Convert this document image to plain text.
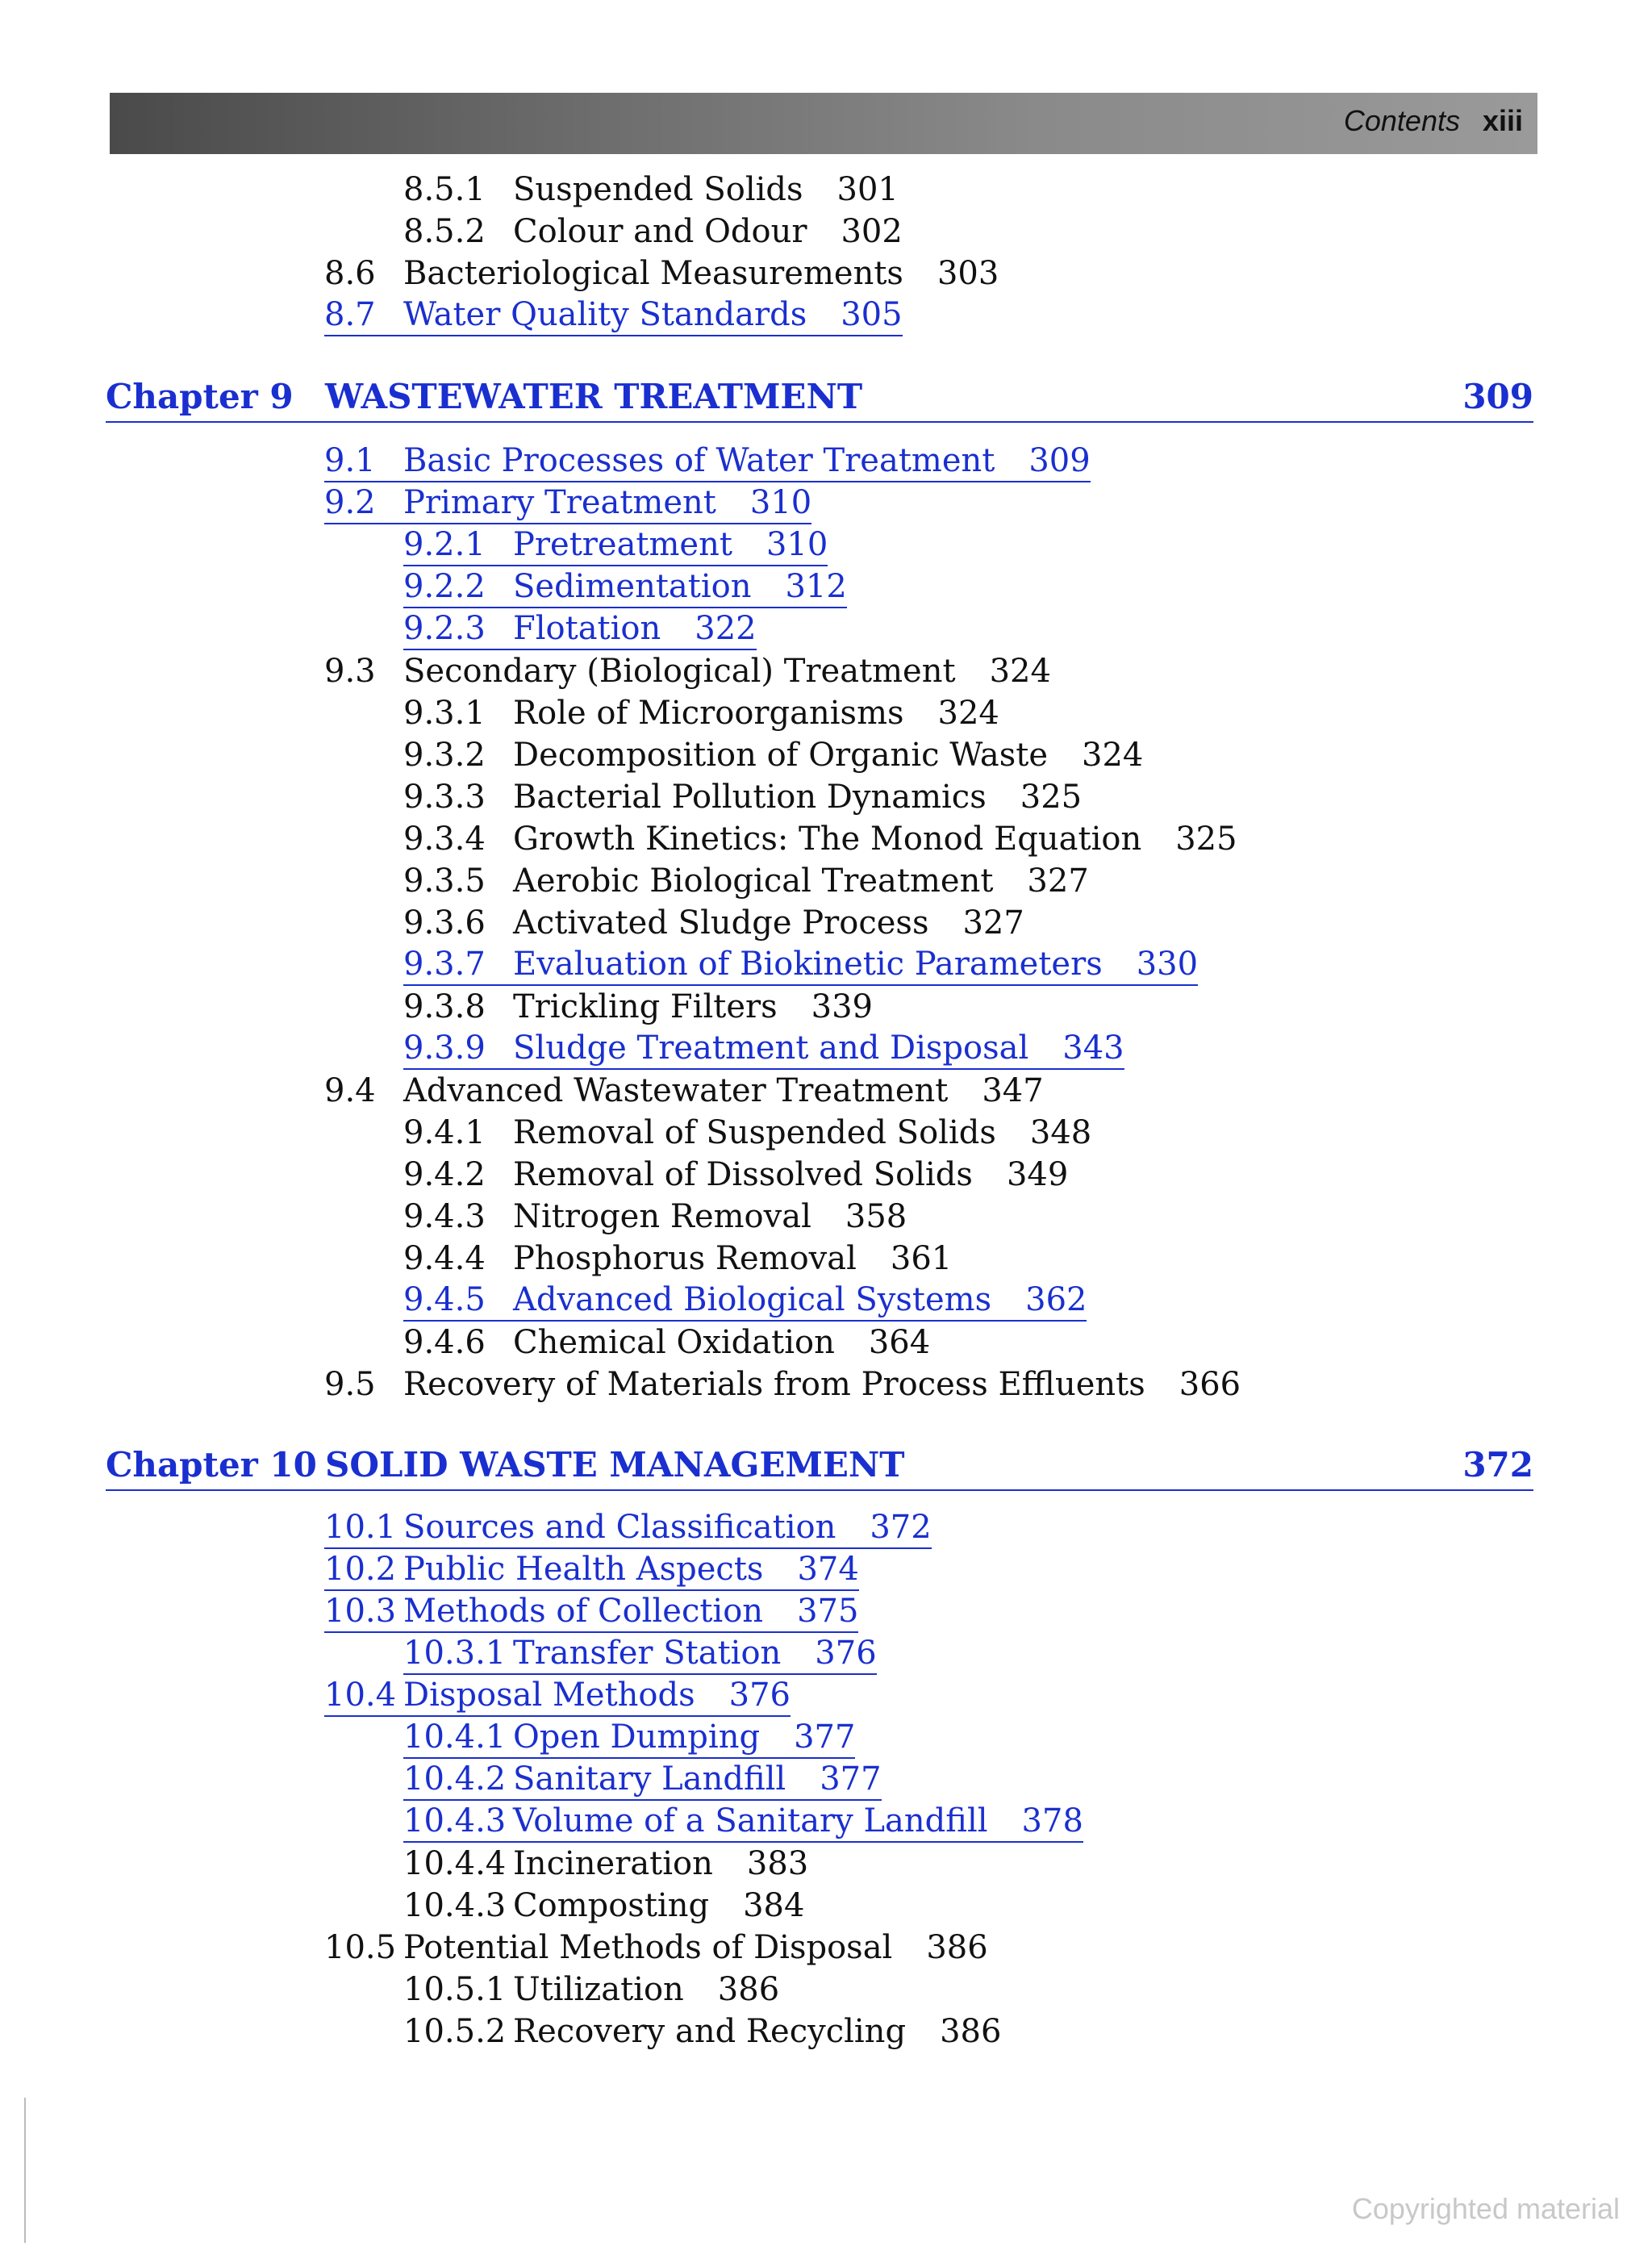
Contents xiii
8.5.1 Suspended Solids 301
8.5.2 Colour and Odour 302
8.6 Bacteriological Measurements 303
8.7 Water Quality Standards 305
Chapter 9 WASTEWATER TREATMENT	309
9.1 Basic Processes of Water Treatment 309
9.2 Primary Treatment 310
9.2.1 Pretreatment 310
9.2.2 Sedimentation 312
9.2.3 Flotation 322
9.3 Secondary (Biological) Treatment 324
9.3.1 Role of Microorganisms 324
9.3.2 Decomposition of Organic Waste 324
9.3.3 Bacterial Pollution Dynamics 325
9.3.4 Growth Kinetics: The Monod Equation 325
9.3.5 Aerobic Biological Treatment 327
9.3.6 Activated Sludge Process 327
9.3.7 Evaluation of Biokinetic Parameters 330
9.3.8 Trickling Filters 339
9.3.9 Sludge Treatment and Disposal 343
9.4 Advanced Wastewater Treatment 347
9.4.1 Removal of Suspended Solids 348
9.4.2 Removal of Dissolved Solids 349
9.4.3 Nitrogen Removal 358
9.4.4 Phosphorus Removal 361
9.4.5 Advanced Biological Systems 362
9.4.6 Chemical Oxidation 364
9.5 Recovery of Materials from Process Effluents 366
Chapter 10 SOLID WASTE MANAGEMENT	372
10.1 Sources and Classification 372
10.2 Public Health Aspects 374
10.3 Methods of Collection 375
10.3.1 Transfer Station 376
10.4 Disposal Methods 376
10.4.1 Open Dumping 377
10.4.2 Sanitary Landfill 377
10.4.3 Volume of a Sanitary Landfill 378
10.4.4 Incineration 383
10.4.3 Composting 384
10.5 Potential Methods of Disposal 386
10.5.1 Utilization 386
10.5.2 Recovery and Recycling 386
Copyrighted material
